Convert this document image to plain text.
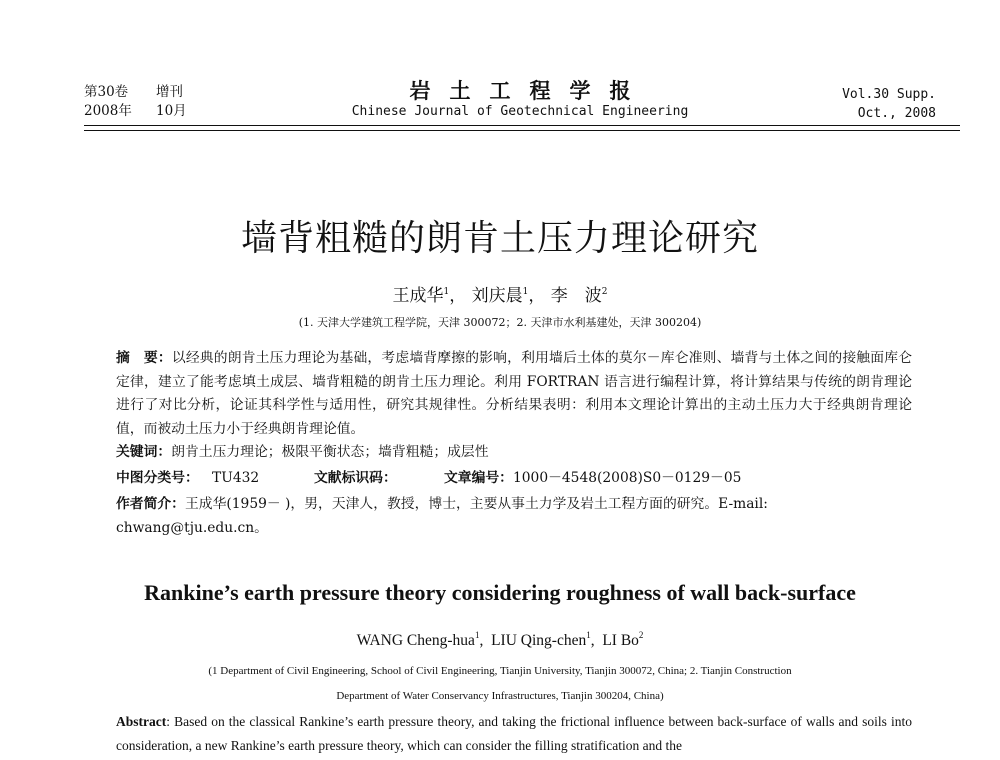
第30卷 增刊
2008年 10月
岩土工程学报
Chinese Journal of Geotechnical Engineering
Vol.30 Supp.
Oct., 2008
墙背粗糙的朗肯土压力理论研究
王成华$^1$， 刘庆晨$^1$， 李　波$^2$
(1. 天津大学建筑工程学院，天津 300072；2. 天津市水利基建处，天津 300204)
摘　要：以经典的朗肯土压力理论为基础，考虑墙背摩擦的影响，利用墙后土体的莫尔－库仑准则、墙背与土体之间的接触面库仑定律，建立了能考虑填土成层、墙背粗糙的朗肯土压力理论。利用 FORTRAN 语言进行编程计算，将计算结果与传统的朗肯理论进行了对比分析，论证其科学性与适用性，研究其规律性。分析结果表明：利用本文理论计算出的主动土压力大于经典朗肯理论值，而被动土压力小于经典朗肯理论值。
关键词：朗肯土压力理论；极限平衡状态；墙背粗糙；成层性
中图分类号： TU432	文献标识码：	文章编号：1000－4548(2008)S0－0129－05
作者简介：王成华(1959－ )，男，天津人，教授，博士，主要从事土力学及岩土工程方面的研究。E-mail: chwang@tju.edu.cn。
Rankine’s earth pressure theory considering roughness of wall back-surface
WANG Cheng-hua$^1$,  LIU Qing-chen$^1$,  LI Bo$^2$
(1 Department of Civil Engineering, School of Civil Engineering, Tianjin University, Tianjin 300072, China; 2. Tianjin Construction
Department of Water Conservancy Infrastructures, Tianjin 300204, China)
Abstract: Based on the classical Rankine’s earth pressure theory, and taking the frictional influence between back-surface of walls and soils into consideration, a new Rankine’s earth pressure theory, which can consider the filling stratification and the
